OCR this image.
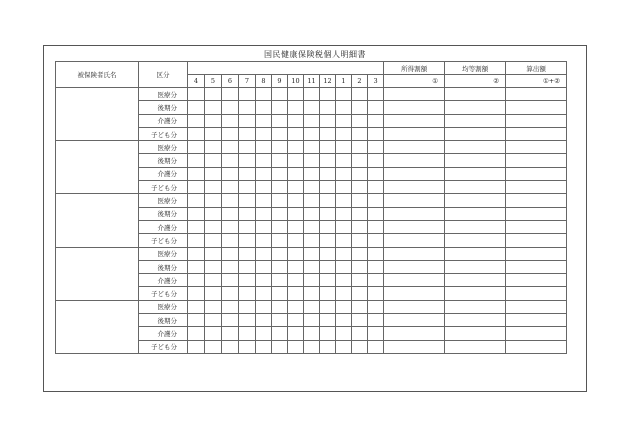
国民健康保険税個人明細書
被保険者氏名	区分													所得割額	均等割額	算出額
		4	5	6	7	8	9	10	11	12	1	2	3	①	②	①+②
	医療分															
	後期分															
	介護分															
	子ども分															
	医療分															
	後期分															
	介護分															
	子ども分															
	医療分															
	後期分															
	介護分															
	子ども分															
	医療分															
	後期分															
	介護分															
	子ども分															
	医療分															
	後期分															
	介護分															
	子ども分															
